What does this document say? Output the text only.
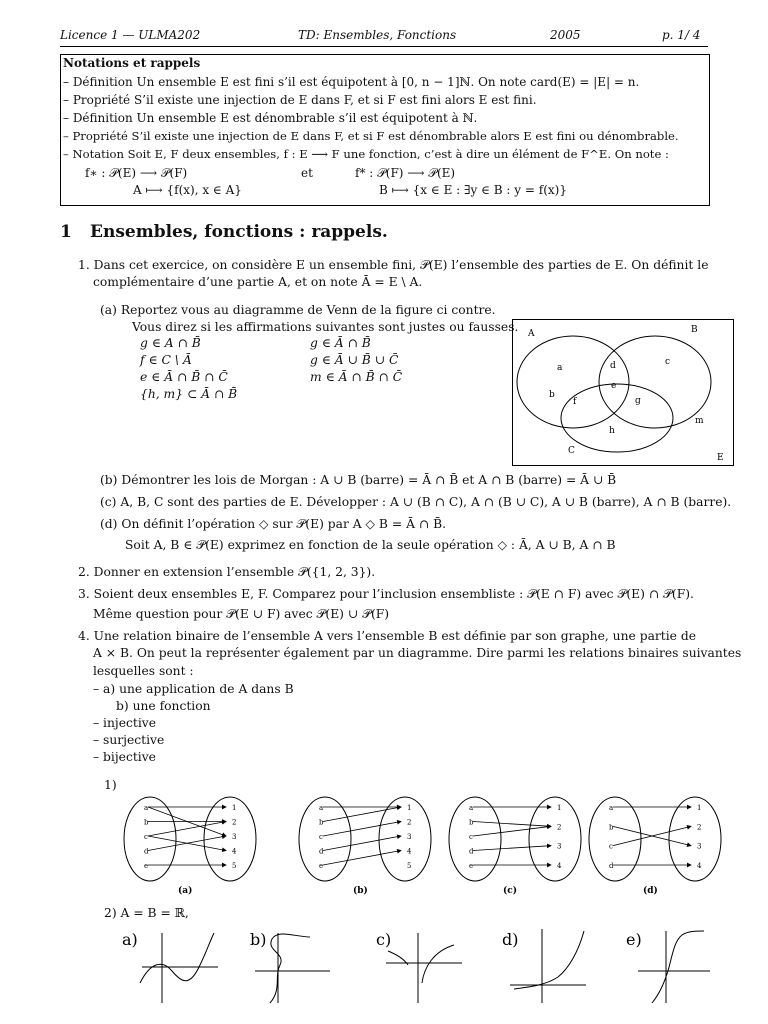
Licence 1 — ULMA202	TD: Ensembles, Fonctions	2005	p. 1/ 4
Notations et rappels
– Définition Un ensemble E est fini s’il est équipotent à [0, n − 1]ℕ. On note card(E) = |E| = n.
– Propriété S’il existe une injection de E dans F, et si F est fini alors E est fini.
– Définition Un ensemble E est dénombrable s’il est équipotent à ℕ.
– Propriété S’il existe une injection de E dans F, et si F est dénombrable alors E est fini ou dénombrable.
– Notation Soit E, F deux ensembles, f : E ⟶ F une fonction, c’est à dire un élément de F^E. On note :
f∗ : 𝒫(E) ⟶ 𝒫(F)	et	f* : 𝒫(F) ⟶ 𝒫(E)
A ⟼ {f(x), x ∈ A}	B ⟼ {x ∈ E : ∃y ∈ B : y = f(x)}
1 Ensembles, fonctions : rappels.
1. Dans cet exercice, on considère E un ensemble fini, 𝒫(E) l’ensemble des parties de E. On définit le
complémentaire d’une partie A, et on note Ā = E \ A.
(a) Reportez vous au diagramme de Venn de la figure ci contre.
Vous direz si les affirmations suivantes sont justes ou fausses.
g ∈ A ∩ B̄	g ∈ Ā ∩ B̄
f ∈ C \ Ā	g ∈ Ā ∪ B̄ ∪ C̄
e ∈ Ā ∩ B̄ ∩ C̄	m ∈ Ā ∩ B̄ ∩ C̄
{h, m} ⊂ Ā ∩ B̄
A	B
C
E
a
b
c
d
e
f	g
h
m
(b) Démontrer les lois de Morgan : A ∪ B (barre) = Ā ∩ B̄ et A ∩ B (barre) = Ā ∪ B̄
(c) A, B, C sont des parties de E. Développer : A ∪ (B ∩ C), A ∩ (B ∪ C), A ∪ B (barre), A ∩ B (barre).
(d) On définit l’opération ◇ sur 𝒫(E) par A ◇ B = Ā ∩ B̄.
Soit A, B ∈ 𝒫(E) exprimez en fonction de la seule opération ◇ : Ā, A ∪ B, A ∩ B
2. Donner en extension l’ensemble 𝒫({1, 2, 3}).
3. Soient deux ensembles E, F. Comparez pour l’inclusion ensembliste : 𝒫(E ∩ F) avec 𝒫(E) ∩ 𝒫(F).
Même question pour 𝒫(E ∪ F) avec 𝒫(E) ∪ 𝒫(F)
4. Une relation binaire de l’ensemble A vers l’ensemble B est définie par son graphe, une partie de
A × B. On peut la représenter également par un diagramme. Dire parmi les relations binaires suivantes
lesquelles sont :
– a) une application de A dans B
b) une fonction
– injective
– surjective
– bijective
1)
a
b
c
d
e
1
2
3
4
5
(a)
a
b
c
d
e
1
2
3
4
5
(b)
a
b
c
d
e
1
2
3
4
(c)
a
b
c
d
1
2
3
4
(d)
2) A = B = ℝ,
a)	b)	c)	d)	e)
